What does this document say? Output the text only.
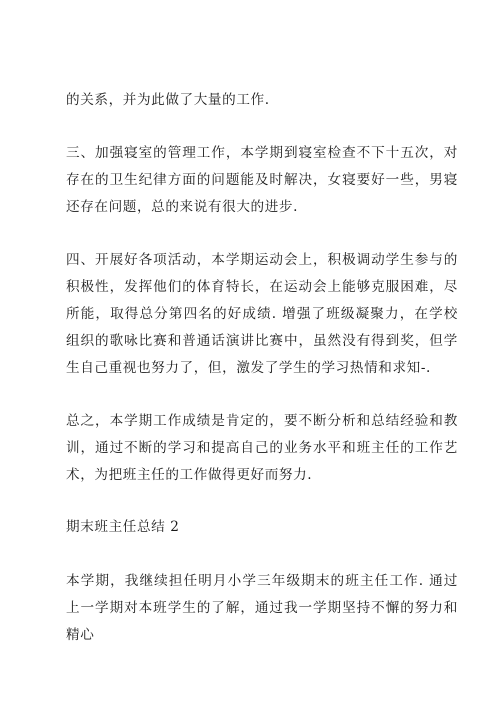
的关系，并为此做了大量的工作.

三、加强寝室的管理工作，本学期到寝室检查不下十五次，对存在的卫生纪律方面的问题能及时解决，女寝要好一些，男寝还存在问题，总的来说有很大的进步.

四、开展好各项活动，本学期运动会上，积极调动学生参与的积极性，发挥他们的体育特长，在运动会上能够克服困难，尽所能，取得总分第四名的好成绩. 增强了班级凝聚力，在学校组织的歌咏比赛和普通话演讲比赛中，虽然没有得到奖，但学生自己重视也努力了，但，激发了学生的学习热情和求知-.

总之，本学期工作成绩是肯定的，要不断分析和总结经验和教训，通过不断的学习和提高自己的业务水平和班主任的工作艺术，为把班主任的工作做得更好而努力.

期末班主任总结 2

本学期，我继续担任明月小学三年级期末的班主任工作. 通过上一学期对本班学生的了解，通过我一学期坚持不懈的努力和精心
